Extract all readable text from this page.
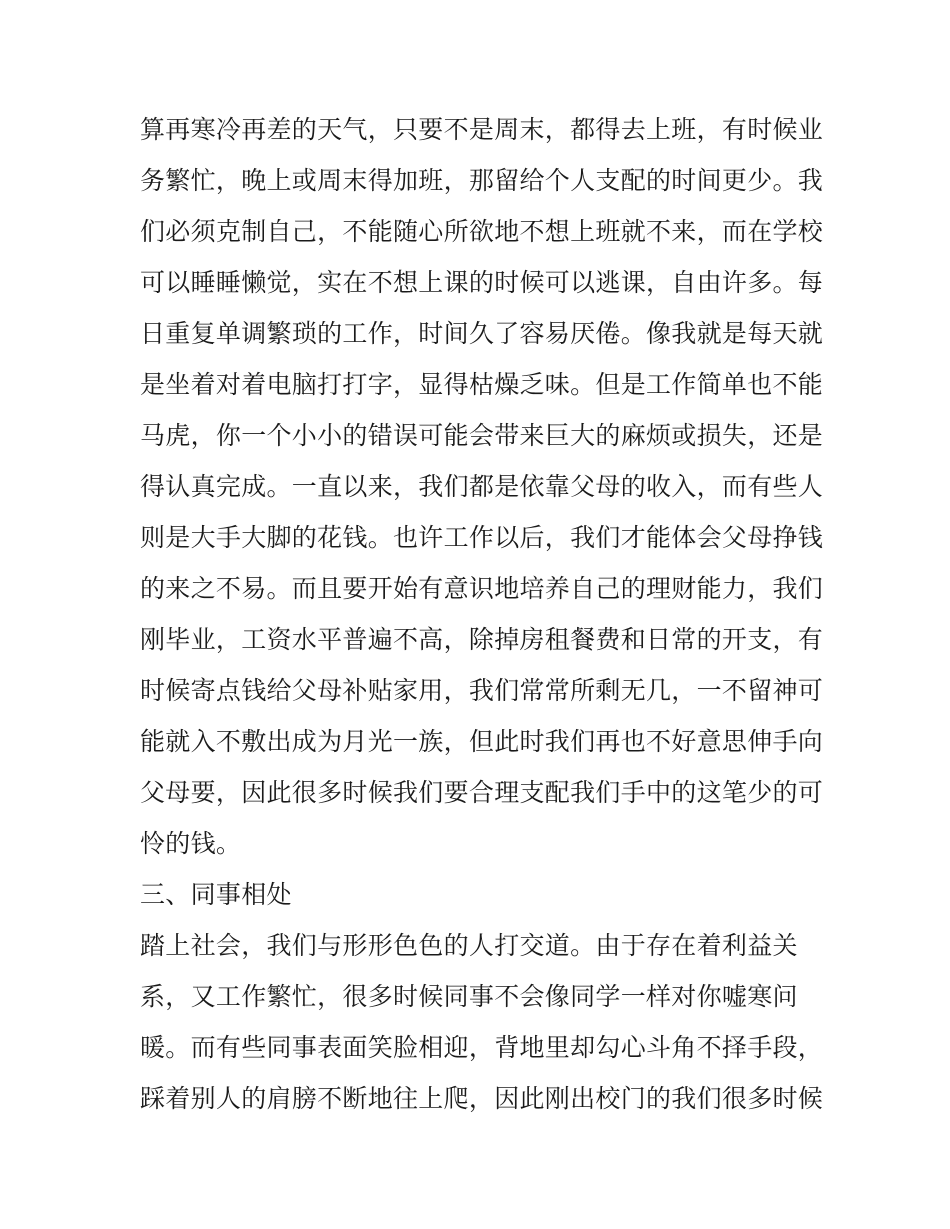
算再寒冷再差的天气，只要不是周末，都得去上班，有时候业
务繁忙，晚上或周末得加班，那留给个人支配的时间更少。我
们必须克制自己，不能随心所欲地不想上班就不来，而在学校
可以睡睡懒觉，实在不想上课的时候可以逃课，自由许多。每
日重复单调繁琐的工作，时间久了容易厌倦。像我就是每天就
是坐着对着电脑打打字，显得枯燥乏味。但是工作简单也不能
马虎，你一个小小的错误可能会带来巨大的麻烦或损失，还是
得认真完成。一直以来，我们都是依靠父母的收入，而有些人
则是大手大脚的花钱。也许工作以后，我们才能体会父母挣钱
的来之不易。而且要开始有意识地培养自己的理财能力，我们
刚毕业，工资水平普遍不高，除掉房租餐费和日常的开支，有
时候寄点钱给父母补贴家用，我们常常所剩无几，一不留神可
能就入不敷出成为月光一族，但此时我们再也不好意思伸手向
父母要，因此很多时候我们要合理支配我们手中的这笔少的可
怜的钱。
三、同事相处
踏上社会，我们与形形色色的人打交道。由于存在着利益关
系，又工作繁忙，很多时候同事不会像同学一样对你嘘寒问
暖。而有些同事表面笑脸相迎，背地里却勾心斗角不择手段，
踩着别人的肩膀不断地往上爬，因此刚出校门的我们很多时候
